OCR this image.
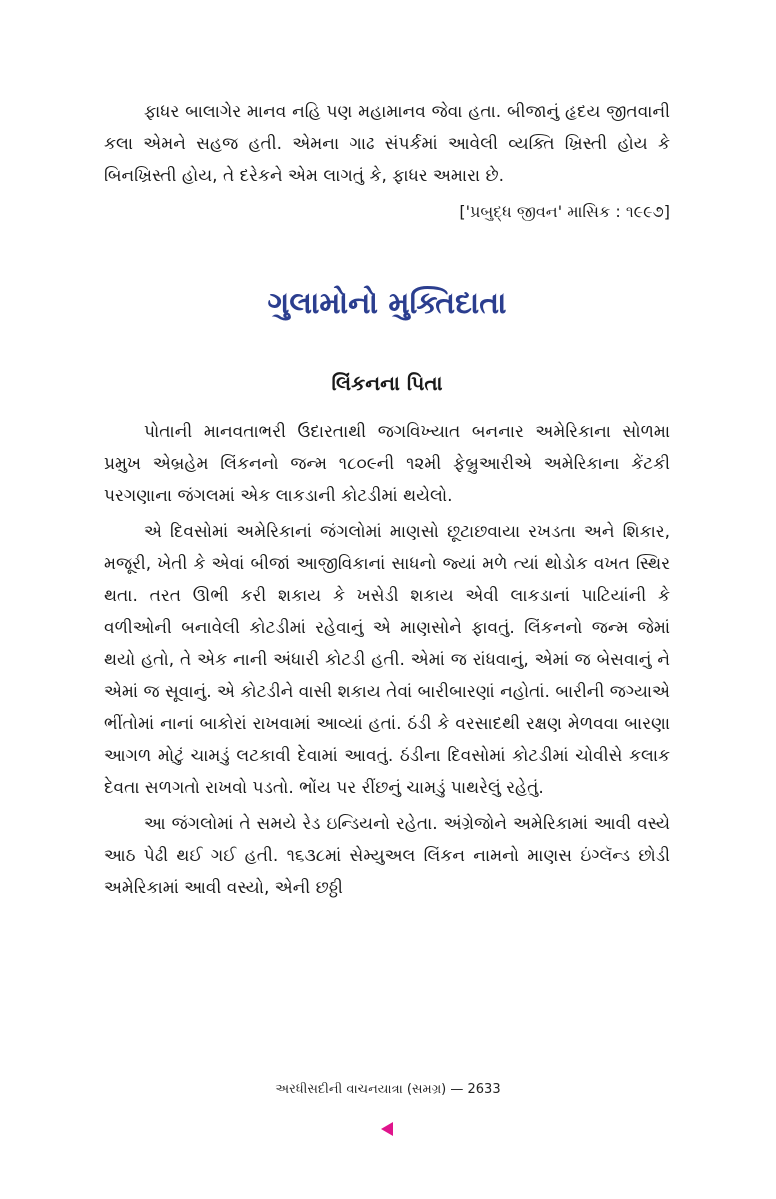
ફાધર બાલાગેર માનવ નહિ પણ મહામાનવ જેવા હતા. બીજાનું હૃદય જીતવાની કલા એમને સહજ હતી. એમના ગાઢ સંપર્કમાં આવેલી વ્યક્તિ ખ્રિસ્તી હોય કે બિનખ્રિસ્તી હોય, તે દરેકને એમ લાગતું કે, ફાધર અમારા છે.

['પ્રબુદ્ધ જીવન' માસિક : ૧૯૯૭]
ગુલામોનો મુક્તિદાતા
લિંકનના પિતા

પોતાની માનવતાભરી ઉદારતાથી જગવિખ્યાત બનનાર અમેરિકાના સોળમા પ્રમુખ એબ્રહેમ લિંકનનો જન્મ ૧૮૦૯ની ૧૨મી ફેબ્રુઆરીએ અમેરિકાના કેંટકી પરગણાના જંગલમાં એક લાકડાની કોટડીમાં થયેલો.

એ દિવસોમાં અમેરિકાનાં જંગલોમાં માણસો છૂટાછવાયા રખડતા અને શિકાર, મજૂરી, ખેતી કે એવાં બીજાં આજીવિકાનાં સાધનો જ્યાં મળે ત્યાં થોડોક વખત સ્થિર થતા. તરત ઊભી કરી શકાય કે ખસેડી શકાય એવી લાકડાનાં પાટિયાંની કે વળીઓની બનાવેલી કોટડીમાં રહેવાનું એ માણસોને ફાવતું. લિંકનનો જન્મ જેમાં થયો હતો, તે એક નાની અંધારી કોટડી હતી. એમાં જ રાંધવાનું, એમાં જ બેસવાનું ને એમાં જ સૂવાનું. એ કોટડીને વાસી શકાય તેવાં બારીબારણાં નહોતાં. બારીની જગ્યાએ ભીંતોમાં નાનાં બાકોરાં રાખવામાં આવ્યાં હતાં. ઠંડી કે વરસાદથી રક્ષણ મેળવવા બારણા આગળ મોટું ચામડું લટકાવી દેવામાં આવતું. ઠંડીના દિવસોમાં કોટડીમાં ચોવીસે કલાક દેવતા સળગતો રાખવો પડતો. ભોંય પર રીંછનું ચામડું પાથરેલું રહેતું.

આ જંગલોમાં તે સમયે રેડ ઇન્ડિયનો રહેતા. અંગ્રેજોને અમેરિકામાં આવી વસ્યે આઠ પેઢી થઈ ગઈ હતી. ૧૬૩૮માં સેમ્યુઅલ લિંકન નામનો માણસ ઇંગ્લૅન્ડ છોડી અમેરિકામાં આવી વસ્યો, એની છઠ્ઠી

અરધીસદીની વાચનયાત્રા (સમગ્ર) — 2633
